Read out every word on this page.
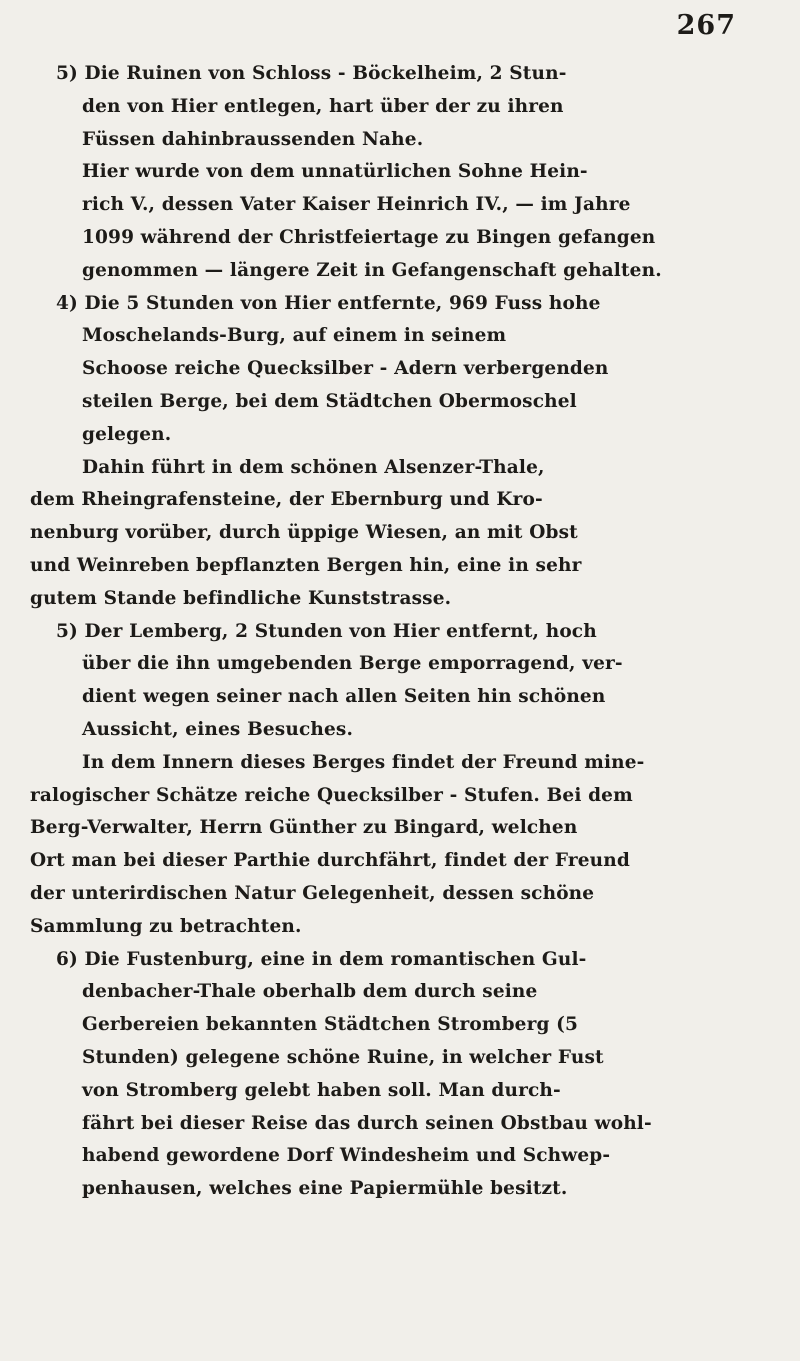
267
5) Die Ruinen von Schloss - Böckelheim, 2 Stun-
den von Hier entlegen, hart über der zu ihren
Füssen dahinbraussenden Nahe.
Hier wurde von dem unnatürlichen Sohne Hein-
rich V., dessen Vater Kaiser Heinrich IV., — im Jahre
1099 während der Christfeiertage zu Bingen gefangen
genommen — längere Zeit in Gefangenschaft gehalten.
4) Die 5 Stunden von Hier entfernte, 969 Fuss hohe
Moschelands-Burg, auf einem in seinem
Schoose reiche Quecksilber - Adern verbergenden
steilen Berge, bei dem Städtchen Obermoschel
gelegen.
Dahin führt in dem schönen Alsenzer-Thale,
dem Rheingrafensteine, der Ebernburg und Kro-
nenburg vorüber, durch üppige Wiesen, an mit Obst
und Weinreben bepflanzten Bergen hin, eine in sehr
gutem Stande befindliche Kunststrasse.
5) Der Lemberg, 2 Stunden von Hier entfernt, hoch
über die ihn umgebenden Berge emporragend, ver-
dient wegen seiner nach allen Seiten hin schönen
Aussicht, eines Besuches.
In dem Innern dieses Berges findet der Freund mine-
ralogischer Schätze reiche Quecksilber - Stufen. Bei dem
Berg-Verwalter, Herrn Günther zu Bingard, welchen
Ort man bei dieser Parthie durchfährt, findet der Freund
der unterirdischen Natur Gelegenheit, dessen schöne
Sammlung zu betrachten.
6) Die Fustenburg, eine in dem romantischen Gul-
denbacher-Thale oberhalb dem durch seine
Gerbereien bekannten Städtchen Stromberg (5
Stunden) gelegene schöne Ruine, in welcher Fust
von Stromberg gelebt haben soll. Man durch-
fährt bei dieser Reise das durch seinen Obstbau wohl-
habend gewordene Dorf Windesheim und Schwep-
penhausen, welches eine Papiermühle besitzt.
